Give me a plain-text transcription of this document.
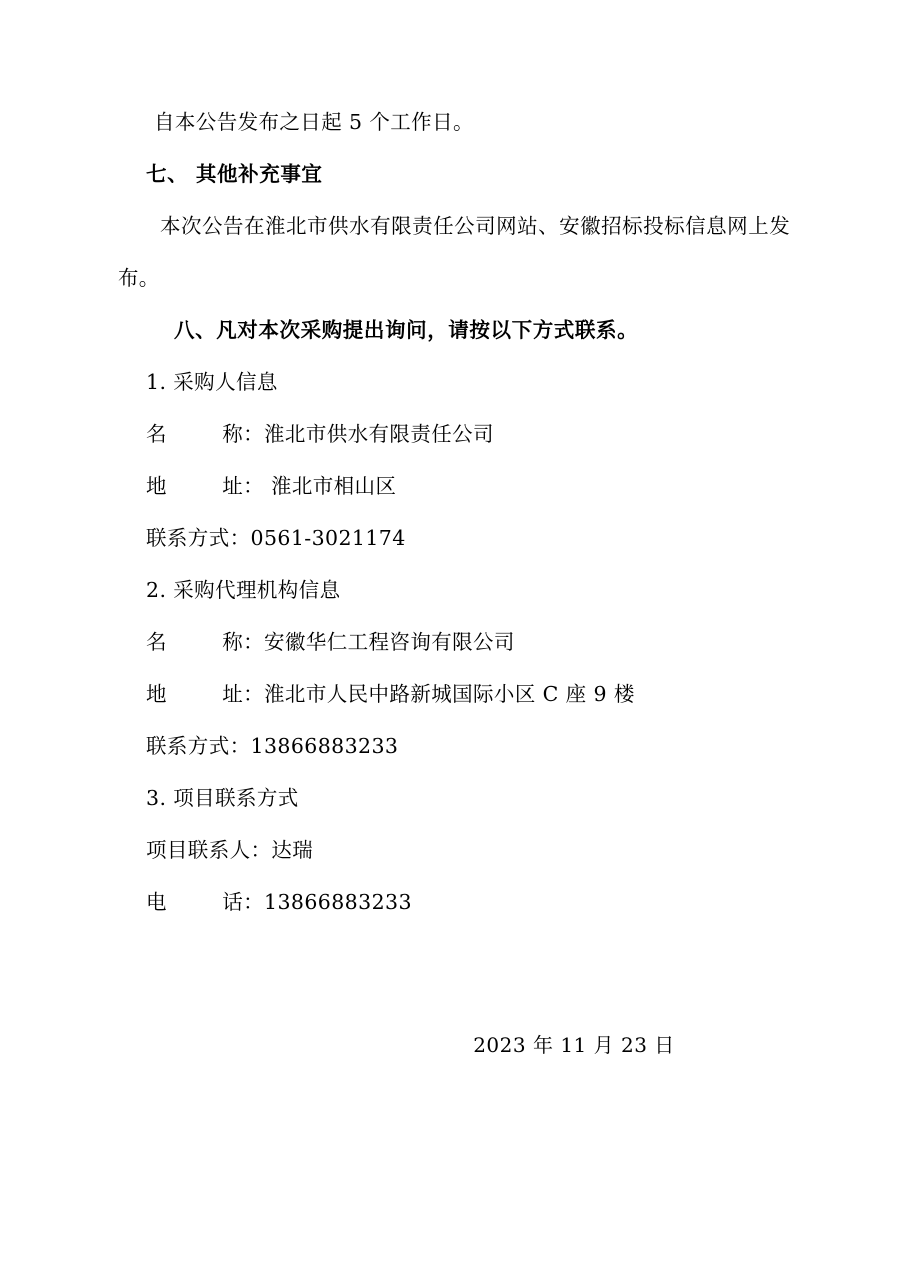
自本公告发布之日起 5 个工作日。
七、 其他补充事宜
本次公告在淮北市供水有限责任公司网站、安徽招标投标信息网上发布。
八、凡对本次采购提出询问，请按以下方式联系。
1. 采购人信息
名        称：淮北市供水有限责任公司
地        址： 淮北市相山区
联系方式：0561-3021174
2. 采购代理机构信息
名        称：安徽华仁工程咨询有限公司
地        址：淮北市人民中路新城国际小区 C 座 9 楼
联系方式：13866883233
3. 项目联系方式
项目联系人：达瑞
电        话：13866883233
2023 年 11 月 23 日
